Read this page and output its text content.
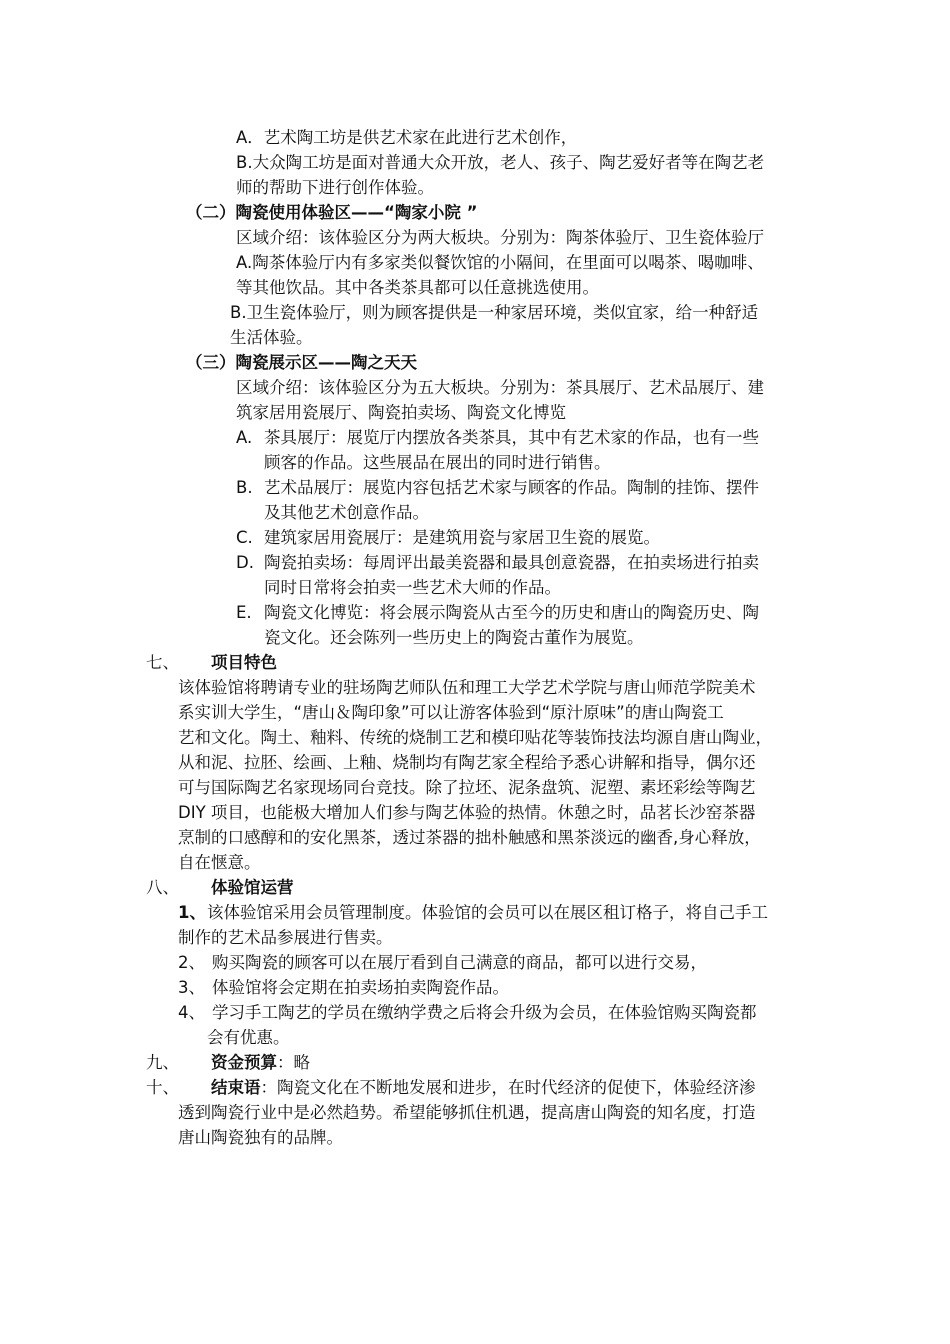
A．艺术陶工坊是供艺术家在此进行艺术创作，
B.大众陶工坊是面对普通大众开放，老人、孩子、陶艺爱好者等在陶艺老
师的帮助下进行创作体验。
（二）陶瓷使用体验区——“陶家小院 ”
区域介绍：该体验区分为两大板块。分别为：陶茶体验厅、卫生瓷体验厅
A.陶茶体验厅内有多家类似餐饮馆的小隔间，在里面可以喝茶、喝咖啡、
等其他饮品。其中各类茶具都可以任意挑选使用。
B.卫生瓷体验厅，则为顾客提供是一种家居环境，类似宜家，给一种舒适
生活体验。
（三）陶瓷展示区——陶之天天
区域介绍：该体验区分为五大板块。分别为：茶具展厅、艺术品展厅、建
筑家居用瓷展厅、陶瓷拍卖场、陶瓷文化博览
A. 茶具展厅：展览厅内摆放各类茶具，其中有艺术家的作品，也有一些
顾客的作品。这些展品在展出的同时进行销售。
B. 艺术品展厅：展览内容包括艺术家与顾客的作品。陶制的挂饰、摆件
及其他艺术创意作品。
C. 建筑家居用瓷展厅：是建筑用瓷与家居卫生瓷的展览。
D. 陶瓷拍卖场：每周评出最美瓷器和最具创意瓷器，在拍卖场进行拍卖
同时日常将会拍卖一些艺术大师的作品。
E. 陶瓷文化博览：将会展示陶瓷从古至今的历史和唐山的陶瓷历史、陶
瓷文化。还会陈列一些历史上的陶瓷古董作为展览。
七、 项目特色
该体验馆将聘请专业的驻场陶艺师队伍和理工大学艺术学院与唐山师范学院美术
系实训大学生，“唐山＆陶印象”可以让游客体验到“原汁原味”的唐山陶瓷工
艺和文化。陶土、釉料、传统的烧制工艺和模印贴花等装饰技法均源自唐山陶业，
从和泥、拉胚、绘画、上釉、烧制均有陶艺家全程给予悉心讲解和指导，偶尔还
可与国际陶艺名家现场同台竞技。除了拉坯、泥条盘筑、泥塑、素坯彩绘等陶艺
DIY 项目，也能极大增加人们参与陶艺体验的热情。休憩之时，品茗长沙窑茶器
烹制的口感醇和的安化黑茶，透过茶器的拙朴触感和黑茶淡远的幽香,身心释放，
自在惬意。
八、 体验馆运营
1、 该体验馆采用会员管理制度。体验馆的会员可以在展区租订格子，将自己手工
制作的艺术品参展进行售卖。
2、 购买陶瓷的顾客可以在展厅看到自己满意的商品，都可以进行交易，
3、 体验馆将会定期在拍卖场拍卖陶瓷作品。
4、 学习手工陶艺的学员在缴纳学费之后将会升级为会员，在体验馆购买陶瓷都
会有优惠。
九、 资金预算：略
十、 结束语：陶瓷文化在不断地发展和进步，在时代经济的促使下，体验经济渗
透到陶瓷行业中是必然趋势。希望能够抓住机遇，提高唐山陶瓷的知名度，打造
唐山陶瓷独有的品牌。
